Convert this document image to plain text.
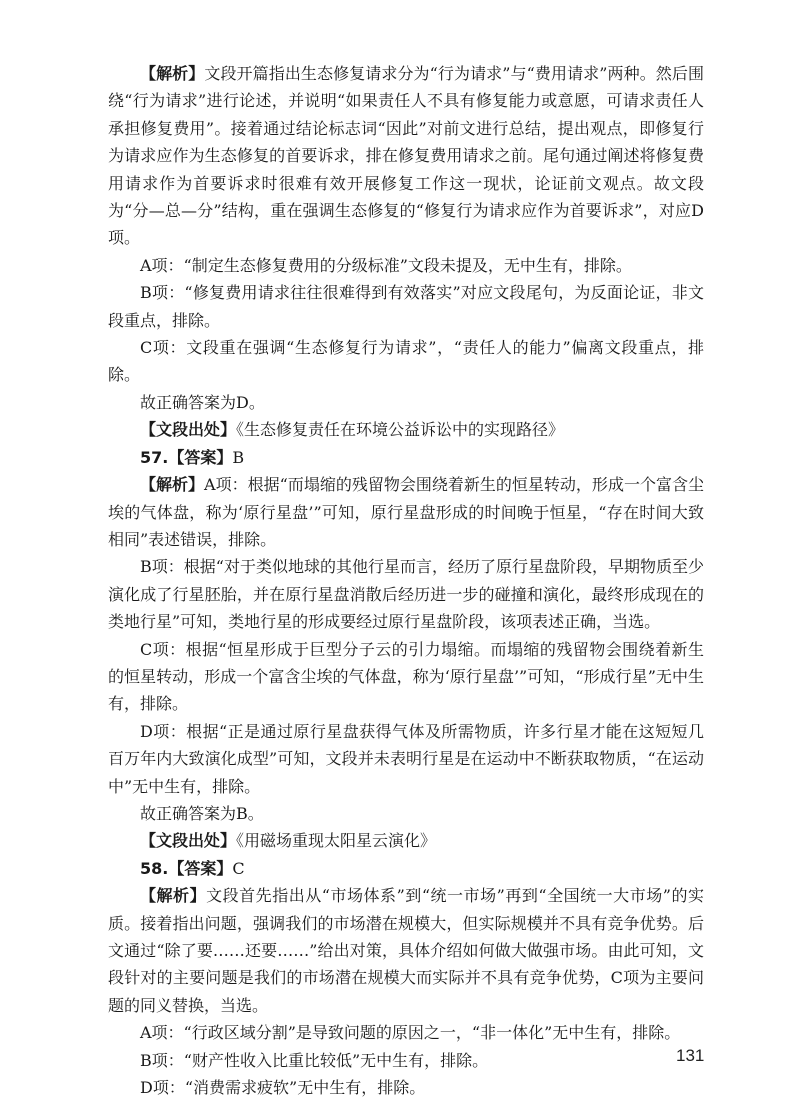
【解析】文段开篇指出生态修复请求分为“行为请求”与“费用请求”两种。然后围绕“行为请求”进行论述，并说明“如果责任人不具有修复能力或意愿，可请求责任人承担修复费用”。接着通过结论标志词“因此”对前文进行总结，提出观点，即修复行为请求应作为生态修复的首要诉求，排在修复费用请求之前。尾句通过阐述将修复费用请求作为首要诉求时很难有效开展修复工作这一现状，论证前文观点。故文段为“分—总—分”结构，重在强调生态修复的“修复行为请求应作为首要诉求”，对应D项。

A项：“制定生态修复费用的分级标准”文段未提及，无中生有，排除。

B项：“修复费用请求往往很难得到有效落实”对应文段尾句，为反面论证，非文段重点，排除。

C项：文段重在强调“生态修复行为请求”，“责任人的能力”偏离文段重点，排除。

故正确答案为D。

【文段出处】《生态修复责任在环境公益诉讼中的实现路径》

57.【答案】B

【解析】A项：根据“而塌缩的残留物会围绕着新生的恒星转动，形成一个富含尘埃的气体盘，称为‘原行星盘’”可知，原行星盘形成的时间晚于恒星，“存在时间大致相同”表述错误，排除。

B项：根据“对于类似地球的其他行星而言，经历了原行星盘阶段，早期物质至少演化成了行星胚胎，并在原行星盘消散后经历进一步的碰撞和演化，最终形成现在的类地行星”可知，类地行星的形成要经过原行星盘阶段，该项表述正确，当选。

C项：根据“恒星形成于巨型分子云的引力塌缩。而塌缩的残留物会围绕着新生的恒星转动，形成一个富含尘埃的气体盘，称为‘原行星盘’”可知，“形成行星”无中生有，排除。

D项：根据“正是通过原行星盘获得气体及所需物质，许多行星才能在这短短几百万年内大致演化成型”可知，文段并未表明行星是在运动中不断获取物质，“在运动中”无中生有，排除。

故正确答案为B。

【文段出处】《用磁场重现太阳星云演化》

58.【答案】C

【解析】文段首先指出从“市场体系”到“统一市场”再到“全国统一大市场”的实质。接着指出问题，强调我们的市场潜在规模大，但实际规模并不具有竞争优势。后文通过“除了要……还要……”给出对策，具体介绍如何做大做强市场。由此可知，文段针对的主要问题是我们的市场潜在规模大而实际并不具有竞争优势，C项为主要问题的同义替换，当选。

A项：“行政区域分割”是导致问题的原因之一，“非一体化”无中生有，排除。

B项：“财产性收入比重比较低”无中生有，排除。

D项：“消费需求疲软”无中生有，排除。

131
